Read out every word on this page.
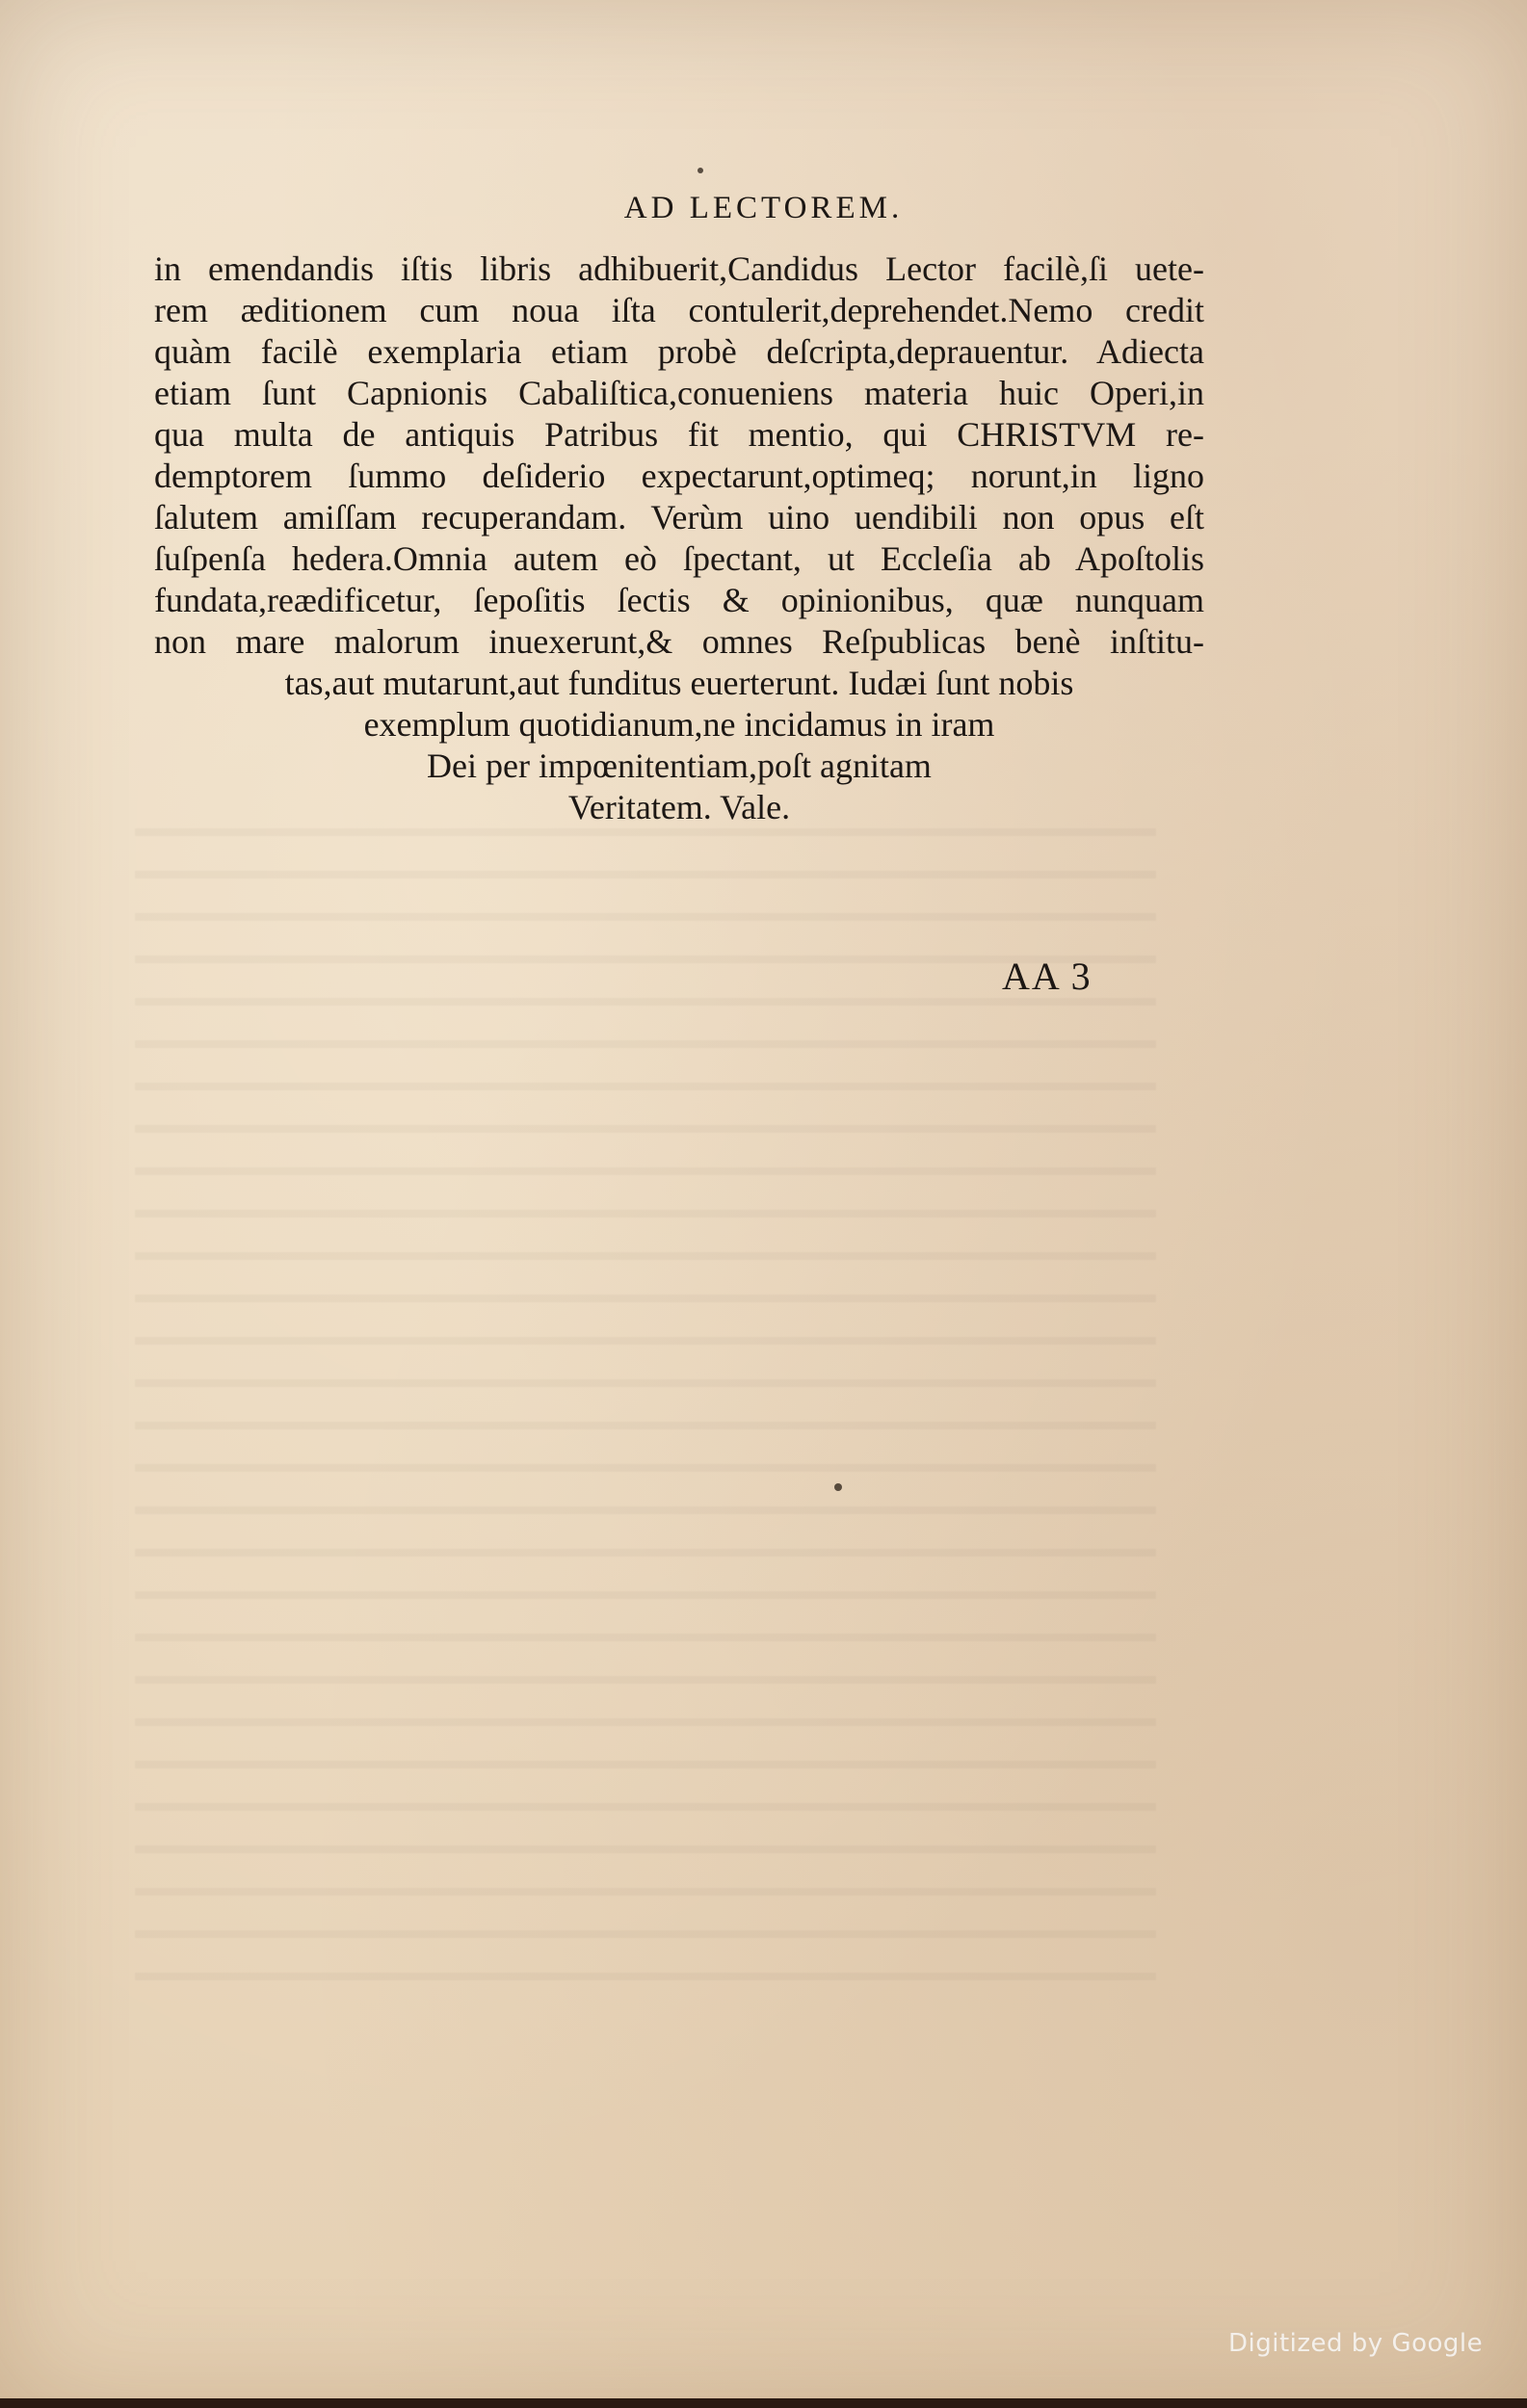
AD LECTOREM.
in emendandis iſtis libris adhibuerit,Candidus Lector facilè,ſi uete-
rem æditionem cum noua iſta contulerit,deprehendet.Nemo credit
quàm facilè exemplaria etiam probè deſcripta,deprauentur. Adiecta
etiam ſunt Capnionis Cabaliſtica,conueniens materia huic Operi,in
qua multa de antiquis Patribus fit mentio, qui CHRISTVM re-
demptorem ſummo deſiderio expectarunt,optimeq; norunt,in ligno
ſalutem amiſſam recuperandam. Verùm uino uendibili non opus eſt
ſuſpenſa hedera.Omnia autem eò ſpectant, ut Eccleſia ab Apoſtolis
fundata,reædificetur, ſepoſitis ſectis & opinionibus, quæ nunquam
non mare malorum inuexerunt,& omnes Reſpublicas benè inſtitu-
tas,aut mutarunt,aut funditus euerterunt. Iudæi ſunt nobis
exemplum quotidianum,ne incidamus in iram
Dei per impœnitentiam,poſt agnitam
Veritatem. Vale.
AA 3
Digitized by Google
